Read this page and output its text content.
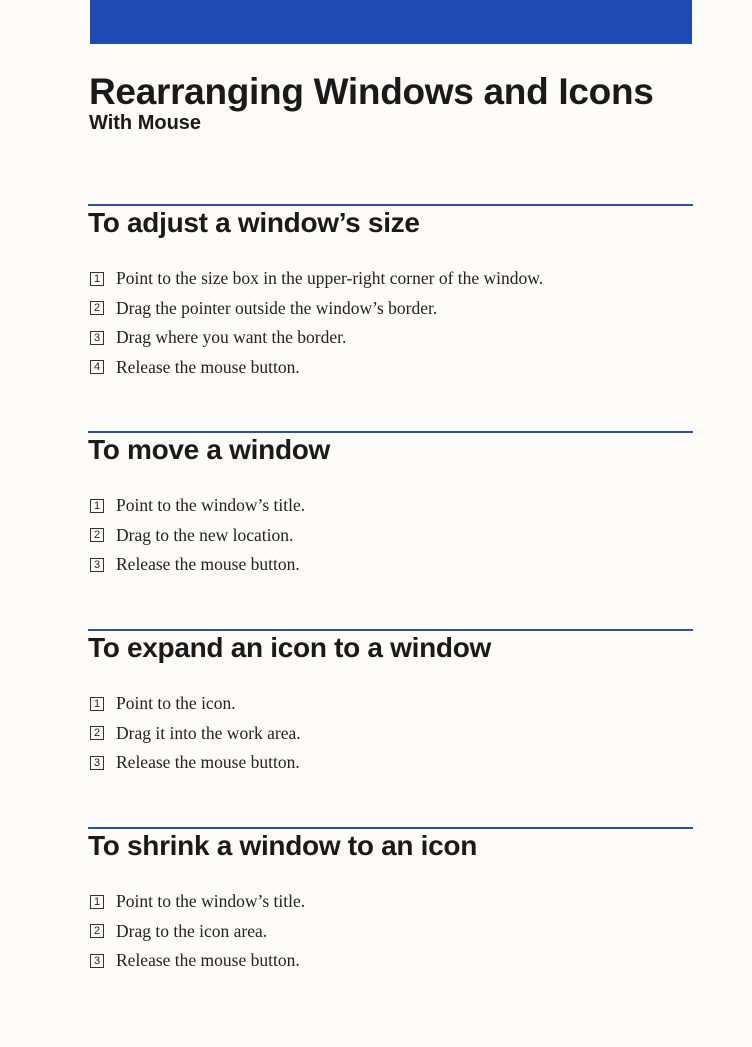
Rearranging Windows and Icons
With Mouse
To adjust a window’s size
1 Point to the size box in the upper-right corner of the window.
2 Drag the pointer outside the window’s border.
3 Drag where you want the border.
4 Release the mouse button.
To move a window
1 Point to the window’s title.
2 Drag to the new location.
3 Release the mouse button.
To expand an icon to a window
1 Point to the icon.
2 Drag it into the work area.
3 Release the mouse button.
To shrink a window to an icon
1 Point to the window’s title.
2 Drag to the icon area.
3 Release the mouse button.
